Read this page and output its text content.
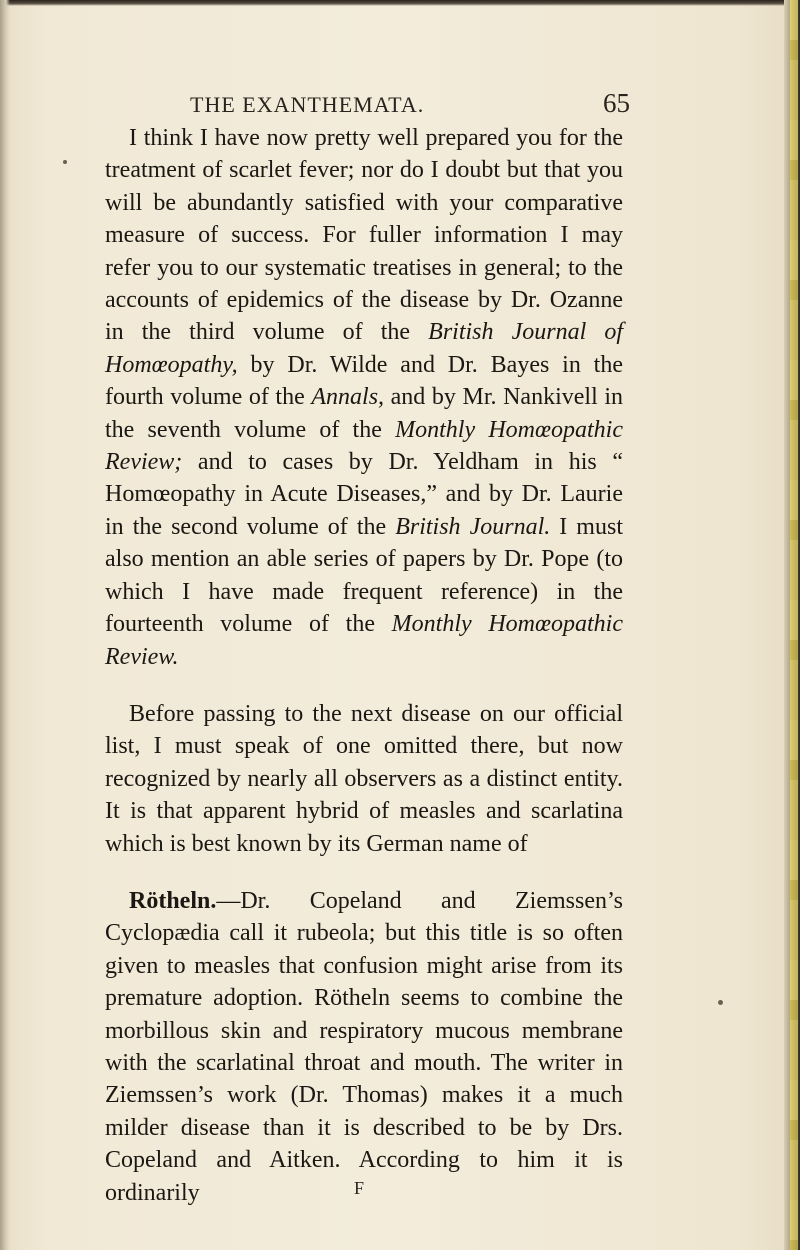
THE EXANTHEMATA.	65

I think I have now pretty well prepared you for the treatment of scarlet fever; nor do I doubt but that you will be abundantly satisfied with your comparative measure of success. For fuller information I may refer you to our systematic treatises in general; to the accounts of epidemics of the disease by Dr. Ozanne in the third volume of the British Journal of Homœopathy, by Dr. Wilde and Dr. Bayes in the fourth volume of the Annals, and by Mr. Nankivell in the seventh volume of the Monthly Homœopathic Review; and to cases by Dr. Yeldham in his “ Homœopathy in Acute Diseases,” and by Dr. Laurie in the second volume of the British Journal. I must also mention an able series of papers by Dr. Pope (to which I have made frequent reference) in the fourteenth volume of the Monthly Homœopathic Review.

Before passing to the next disease on our official list, I must speak of one omitted there, but now recognized by nearly all observers as a distinct entity. It is that apparent hybrid of measles and scarlatina which is best known by its German name of

Rötheln.—Dr. Copeland and Ziemssen’s Cyclopædia call it rubeola; but this title is so often given to measles that confusion might arise from its premature adoption. Rötheln seems to combine the morbillous skin and respiratory mucous membrane with the scarlatinal throat and mouth. The writer in Ziemssen’s work (Dr. Thomas) makes it a much milder disease than it is described to be by Drs. Copeland and Aitken. According to him it is ordinarily	F
